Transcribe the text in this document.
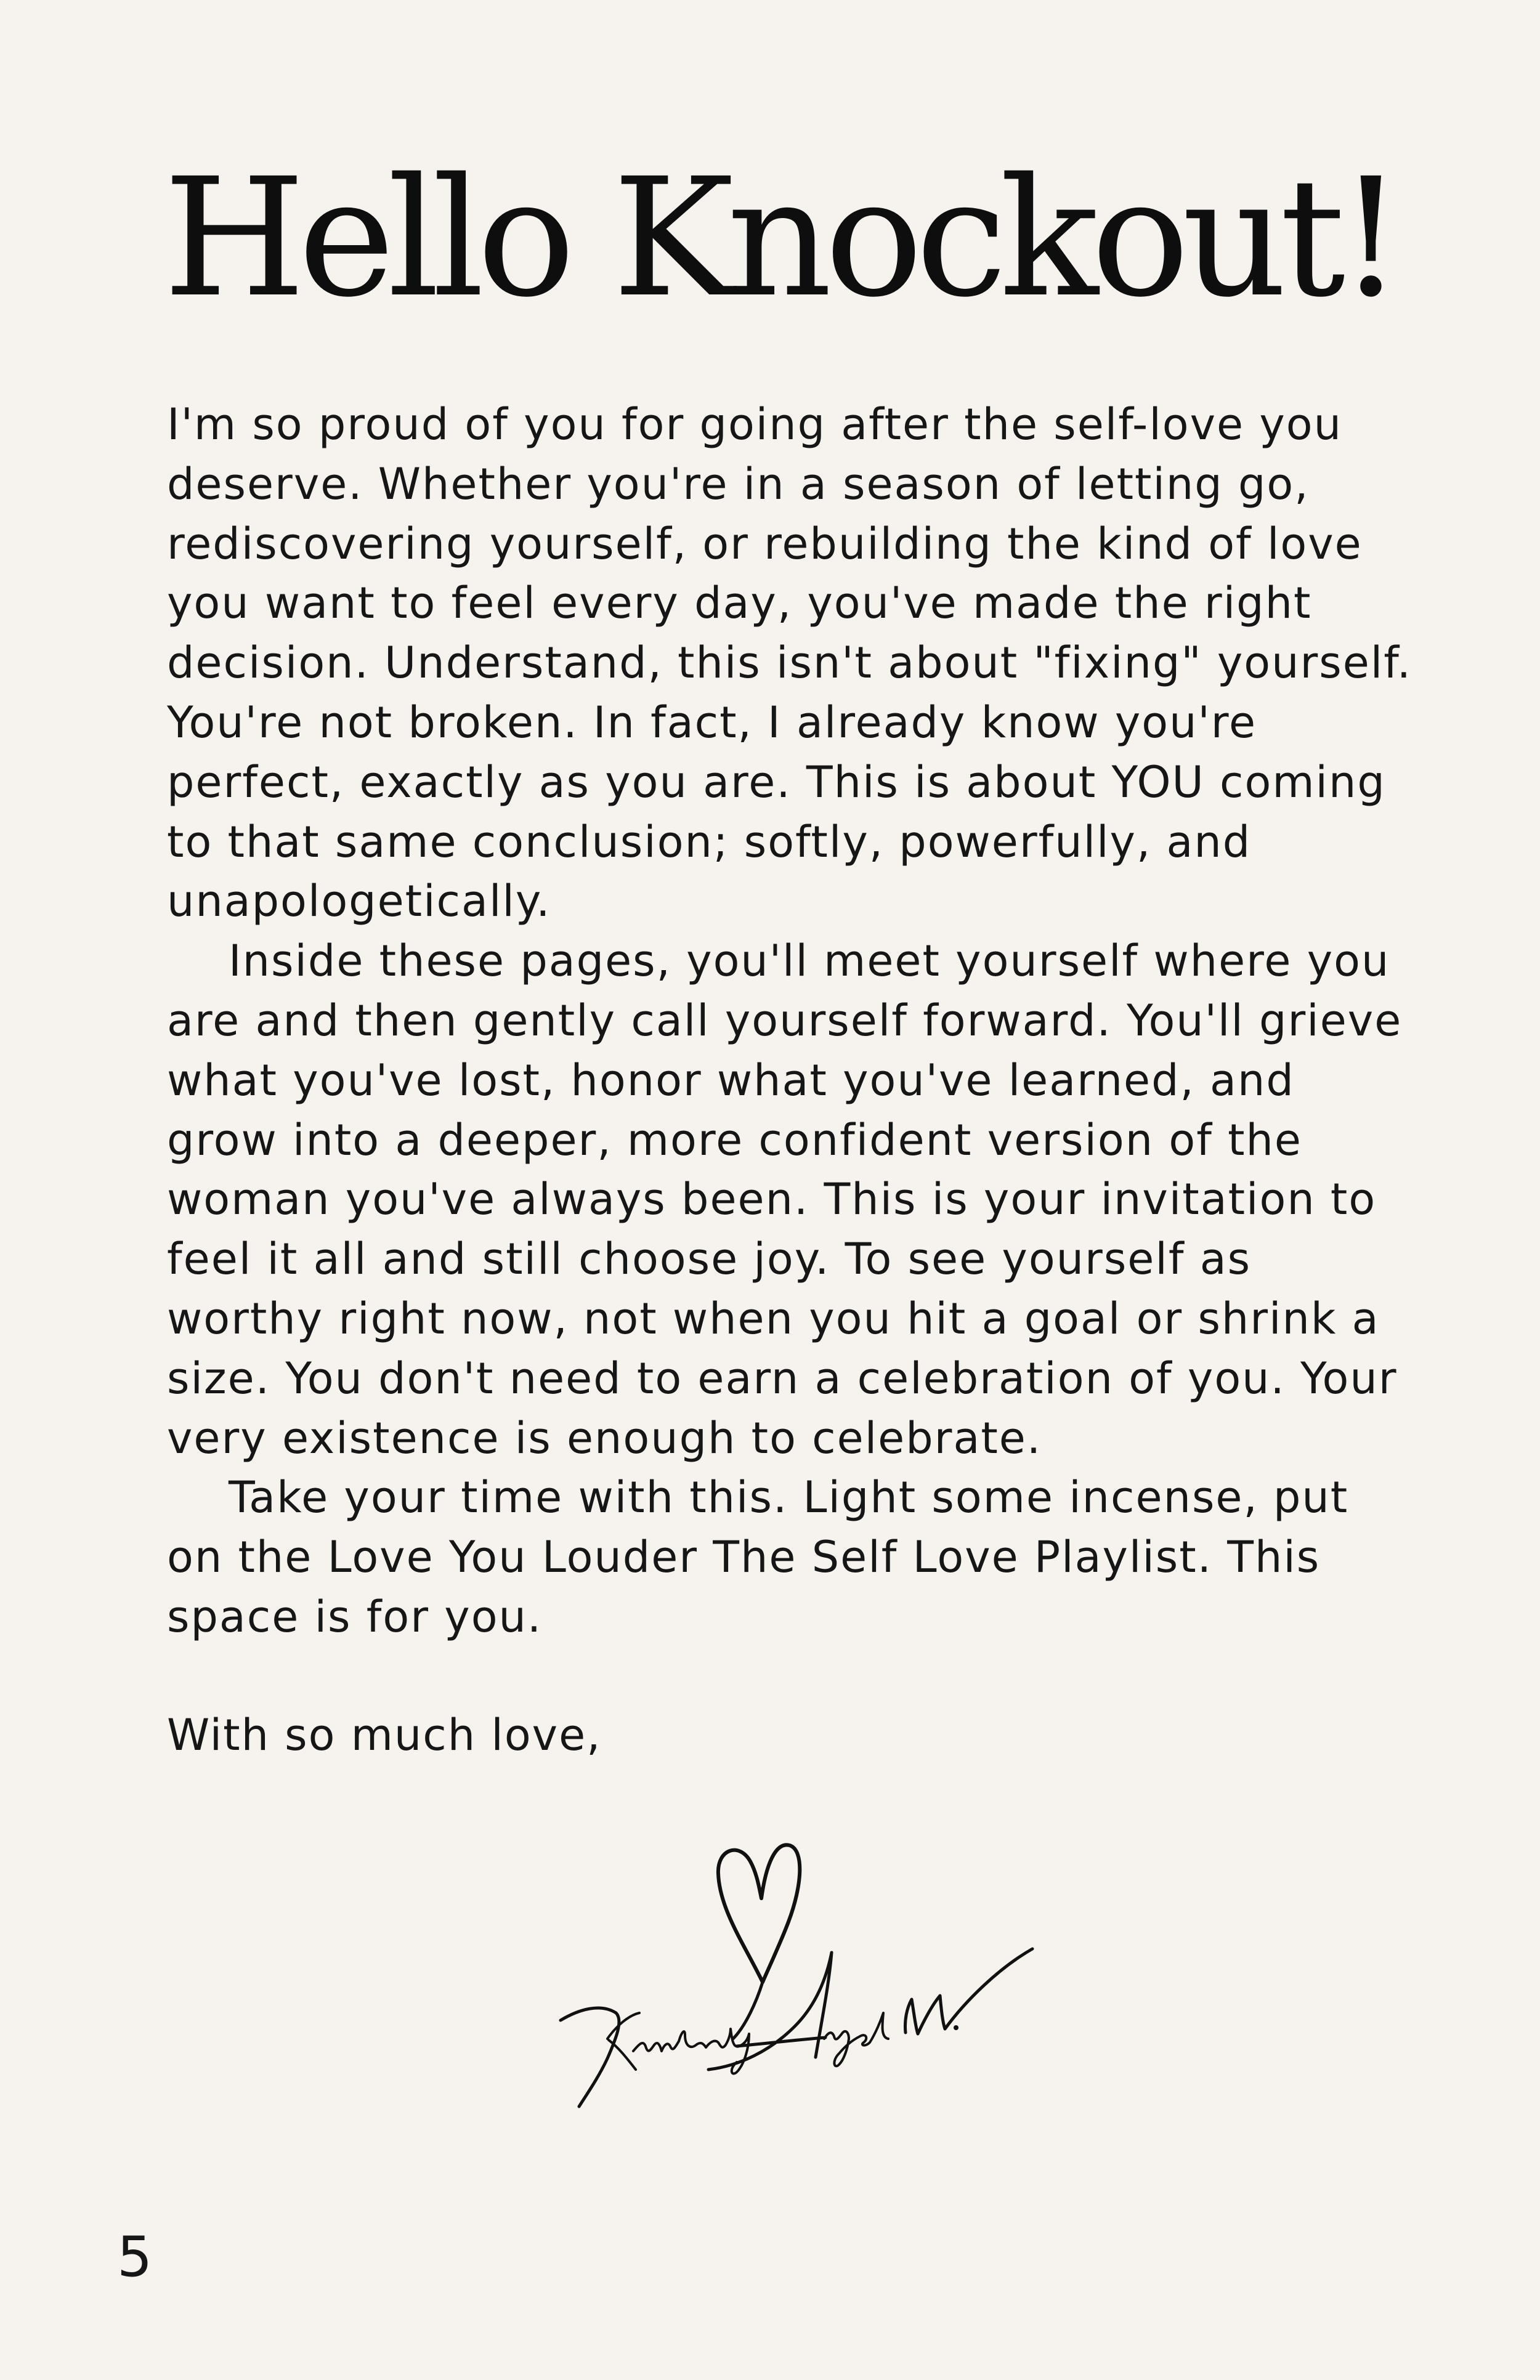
Hello Knockout!

I'm so proud of you for going after the self-love you

deserve. Whether you're in a season of letting go,

rediscovering yourself, or rebuilding the kind of love

you want to feel every day, you've made the right

decision. Understand, this isn't about "fixing" yourself.

You're not broken. In fact, I already know you're

perfect, exactly as you are. This is about YOU coming

to that same conclusion; softly, powerfully, and

unapologetically.

Inside these pages, you'll meet yourself where you

are and then gently call yourself forward. You'll grieve

what you've lost, honor what you've learned, and

grow into a deeper, more confident version of the

woman you've always been. This is your invitation to

feel it all and still choose joy. To see yourself as

worthy right now, not when you hit a goal or shrink a

size. You don't need to earn a celebration of you. Your

very existence is enough to celebrate.

Take your time with this. Light some incense, put

on the Love You Louder The Self Love Playlist. This

space is for you.

With so much love,
5
